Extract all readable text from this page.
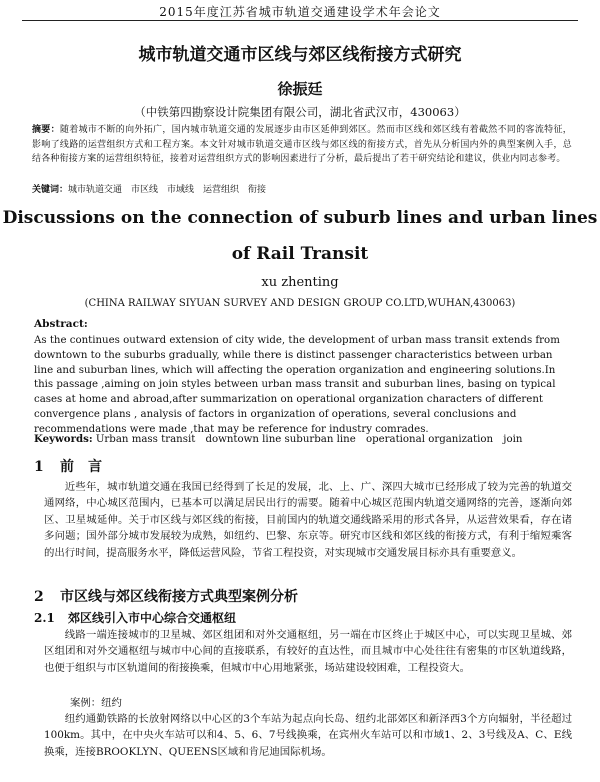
2015年度江苏省城市轨道交通建设学术年会论文
城市轨道交通市区线与郊区线衔接方式研究
徐振廷
（中铁第四勘察设计院集团有限公司，湖北省武汉市，430063）

摘要：随着城市不断的向外拓广，国内城市轨道交通的发展逐步由市区延伸到郊区。然而市区线和郊区线有着截然不同的客流特征，影响了线路的运营组织方式和工程方案。本文针对城市轨道交通市区线与郊区线的衔接方式，首先从分析国内外的典型案例入手，总结各种衔接方案的运营组织特征，接着对运营组织方式的影响因素进行了分析，最后提出了若干研究结论和建议，供业内同志参考。

关键词：城市轨道交通　市区线　市域线　运营组织　衔接

Discussions on the connection of suburb lines and urban lines
of Rail Transit
xu zhenting
(CHINA RAILWAY SIYUAN SURVEY AND DESIGN GROUP CO.LTD,WUHAN,430063)
Abstract:

As the continues outward extension of city wide, the development of urban mass transit extends from downtown to the suburbs gradually, while there is distinct passenger characteristics between urban line and suburban lines, which will affecting the operation organization and engineering solutions.In this passage ,aiming on join styles between urban mass transit and suburban lines, basing on typical cases at home and abroad,after summarization on operational organization characters of different convergence plans , analysis of factors in organization of operations, several conclusions and recommendations were made ,that may be reference for industry comrades.

Keywords: Urban mass transit　downtown line suburban line　operational organization　join

1 前　言

近些年，城市轨道交通在我国已经得到了长足的发展，北、上、广、深四大城市已经形成了较为完善的轨道交通网络，中心城区范围内，已基本可以满足居民出行的需要。随着中心城区范围内轨道交通网络的完善，逐渐向郊区、卫星城延伸。关于市区线与郊区线的衔接，目前国内的轨道交通线路采用的形式各异，从运营效果看，存在诸多问题；国外部分城市发展较为成熟，如纽约、巴黎、东京等。研究市区线和郊区线的衔接方式，有利于缩短乘客的出行时间，提高服务水平，降低运营风险，节省工程投资，对实现城市交通发展目标亦具有重要意义。

2 市区线与郊区线衔接方式典型案例分析
2.1 郊区线引入市中心综合交通枢纽

线路一端连接城市的卫星城、郊区组团和对外交通枢纽，另一端在市区终止于城区中心，可以实现卫星城、郊区组团和对外交通枢纽与城市中心间的直接联系，有较好的直达性，而且城市中心处往往有密集的市区轨道线路，也便于组织与市区轨道间的衔接换乘，但城市中心用地紧张，场站建设较困难，工程投资大。

案例：纽约

纽约通勤铁路的长放射网络以中心区的3个车站为起点向长岛、纽约北部郊区和新泽西3个方向辐射，半径超过100km。其中，在中央火车站可以和4、5、6、7号线换乘，在宾州火车站可以和市域1、2、3号线及A、C、E线换乘，连接BROOKLYN、QUEENS区域和肯尼迪国际机场。
